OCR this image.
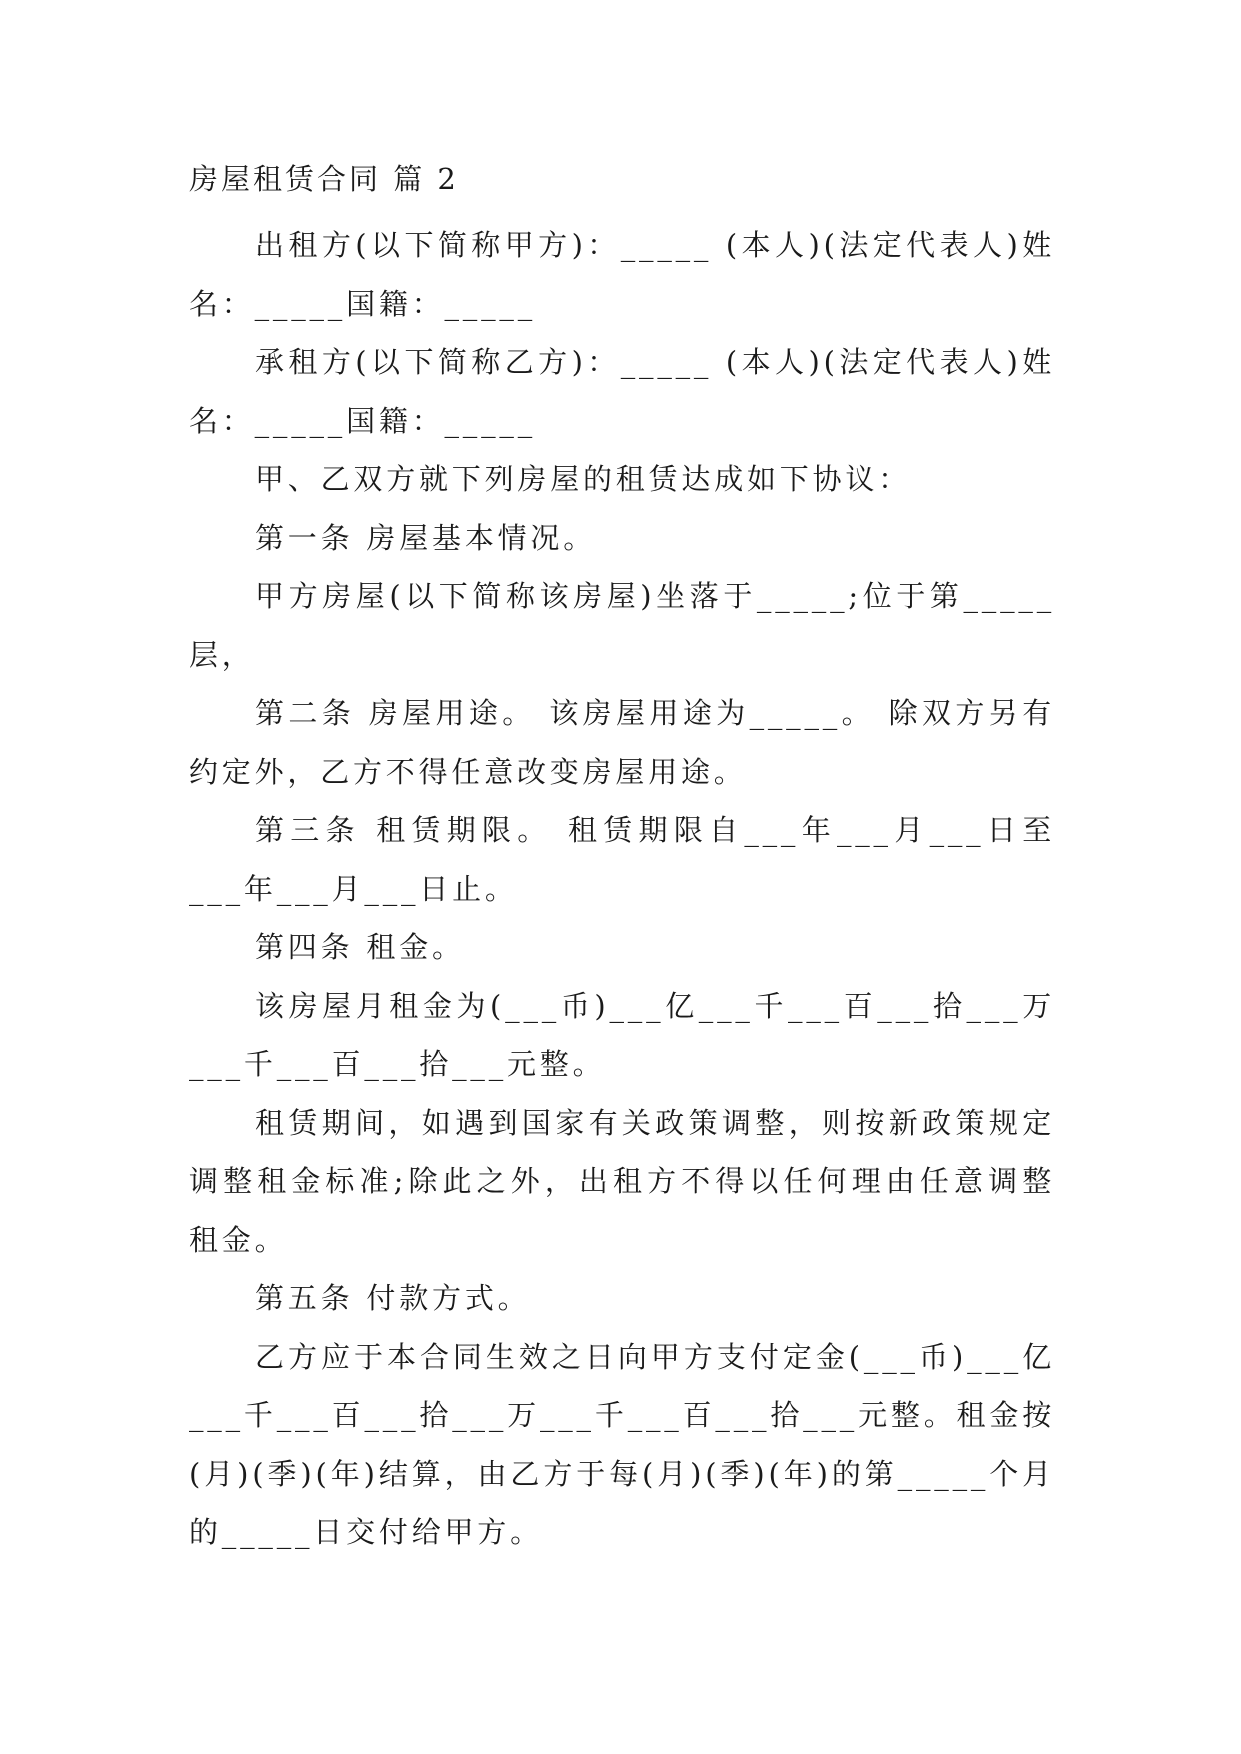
房屋租赁合同 篇 2

出租方(以下简称甲方)：_____ (本人)(法定代表人)姓名：_____国籍：_____

承租方(以下简称乙方)：_____ (本人)(法定代表人)姓名：_____国籍：_____

甲、乙双方就下列房屋的租赁达成如下协议：

第一条 房屋基本情况。

甲方房屋(以下简称该房屋)坐落于_____;位于第_____层，

第二条 房屋用途。 该房屋用途为_____。 除双方另有约定外，乙方不得任意改变房屋用途。

第三条 租赁期限。 租赁期限自___年___月___日至___年___月___日止。

第四条 租金。

该房屋月租金为(___币)___亿___千___百___拾___万___千___百___拾___元整。

租赁期间，如遇到国家有关政策调整，则按新政策规定调整租金标准;除此之外，出租方不得以任何理由任意调整租金。

第五条 付款方式。

乙方应于本合同生效之日向甲方支付定金(___币)___亿___千___百___拾___万___千___百___拾___元整。租金按(月)(季)(年)结算，由乙方于每(月)(季)(年)的第_____个月的_____日交付给甲方。
